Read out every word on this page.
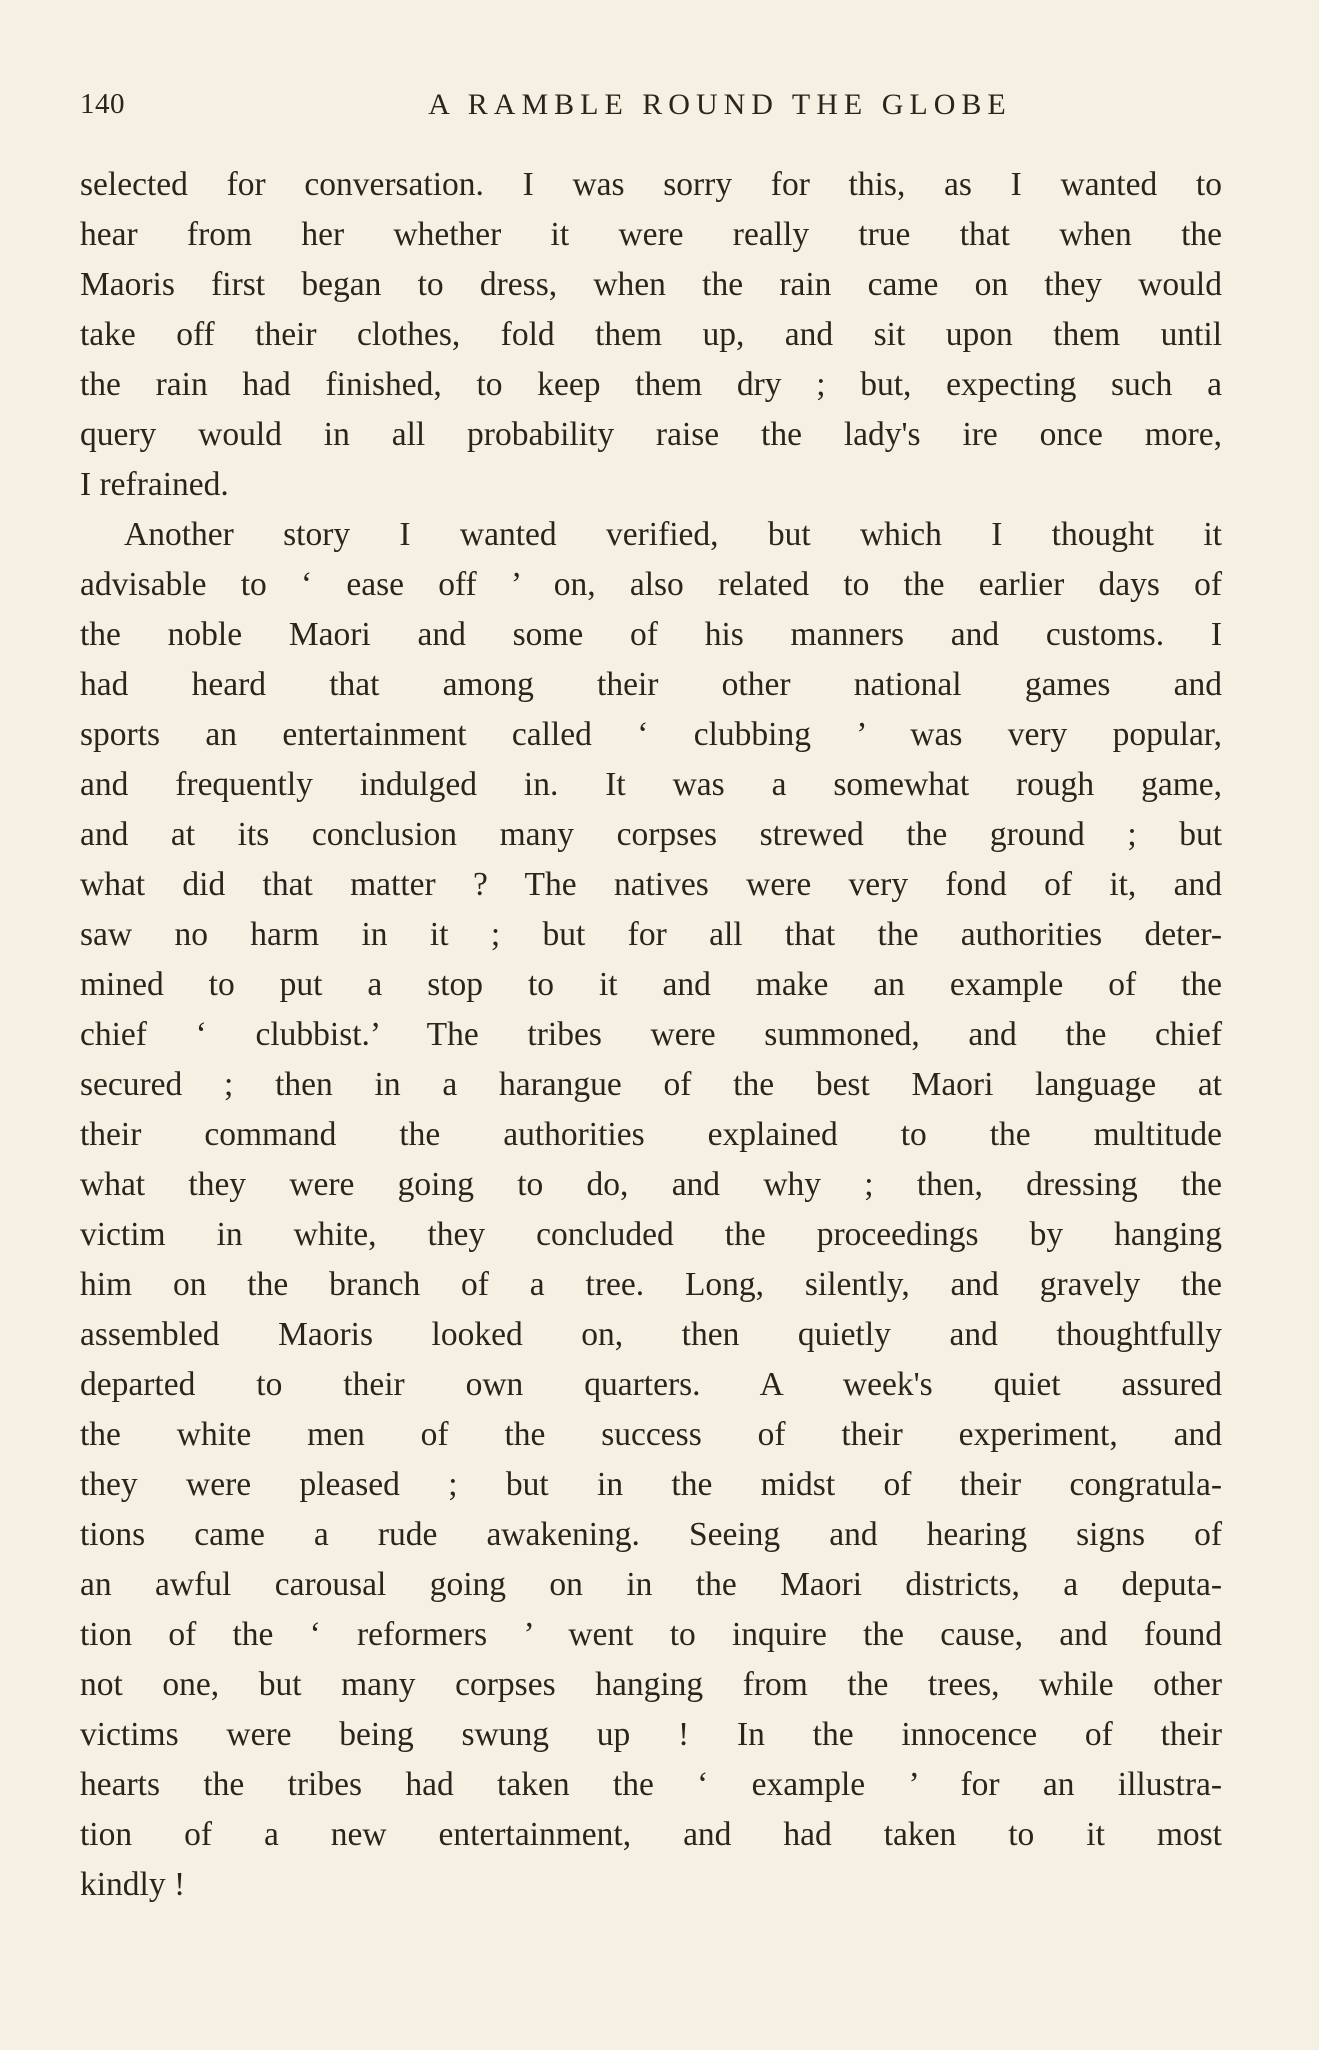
140	A RAMBLE ROUND THE GLOBE
selected for conversation. I was sorry for this, as I wanted to
hear from her whether it were really true that when the
Maoris first began to dress, when the rain came on they would
take off their clothes, fold them up, and sit upon them until
the rain had finished, to keep them dry ; but, expecting such a
query would in all probability raise the lady's ire once more,
I refrained.
Another story I wanted verified, but which I thought it
advisable to ‘ ease off ’ on, also related to the earlier days of
the noble Maori and some of his manners and customs. I
had heard that among their other national games and
sports an entertainment called ‘ clubbing ’ was very popular,
and frequently indulged in. It was a somewhat rough game,
and at its conclusion many corpses strewed the ground ; but
what did that matter ? The natives were very fond of it, and
saw no harm in it ; but for all that the authorities deter-
mined to put a stop to it and make an example of the
chief ‘ clubbist.’ The tribes were summoned, and the chief
secured ; then in a harangue of the best Maori language at
their command the authorities explained to the multitude
what they were going to do, and why ; then, dressing the
victim in white, they concluded the proceedings by hanging
him on the branch of a tree. Long, silently, and gravely the
assembled Maoris looked on, then quietly and thoughtfully
departed to their own quarters. A week's quiet assured
the white men of the success of their experiment, and
they were pleased ; but in the midst of their congratula-
tions came a rude awakening. Seeing and hearing signs of
an awful carousal going on in the Maori districts, a deputa-
tion of the ‘ reformers ’ went to inquire the cause, and found
not one, but many corpses hanging from the trees, while other
victims were being swung up ! In the innocence of their
hearts the tribes had taken the ‘ example ’ for an illustra-
tion of a new entertainment, and had taken to it most
kindly !
